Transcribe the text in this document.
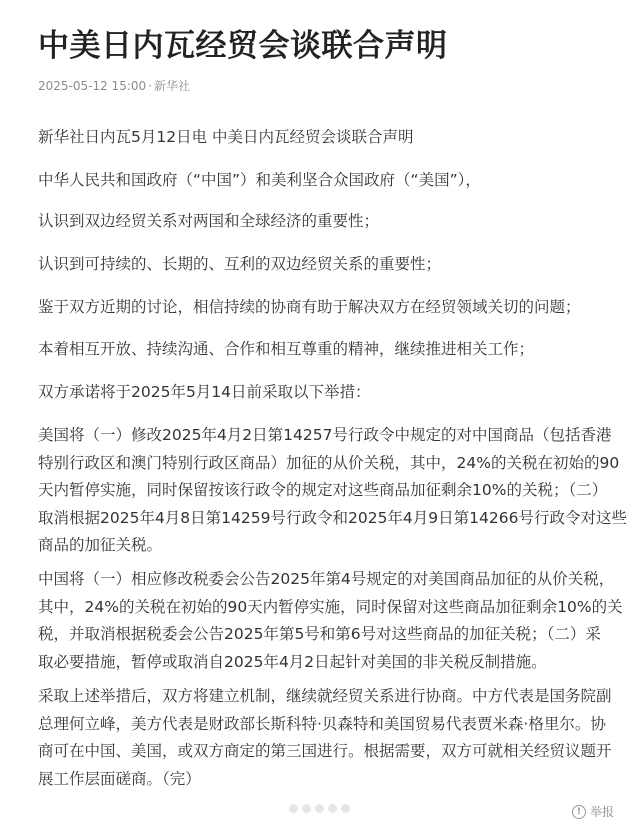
中美日内瓦经贸会谈联合声明
2025-05-12 15:00 · 新华社

新华社日内瓦5月12日电 中美日内瓦经贸会谈联合声明

中华人民共和国政府（“中国”）和美利坚合众国政府（“美国”），

认识到双边经贸关系对两国和全球经济的重要性；

认识到可持续的、长期的、互利的双边经贸关系的重要性；

鉴于双方近期的讨论，相信持续的协商有助于解决双方在经贸领域关切的问题；

本着相互开放、持续沟通、合作和相互尊重的精神，继续推进相关工作；

双方承诺将于2025年5月14日前采取以下举措：

美国将（一）修改2025年4月2日第14257号行政令中规定的对中国商品（包括香港
特别行政区和澳门特别行政区商品）加征的从价关税，其中，24%的关税在初始的90
天内暂停实施，同时保留按该行政令的规定对这些商品加征剩余10%的关税；（二）
取消根据2025年4月8日第14259号行政令和2025年4月9日第14266号行政令对这些
商品的加征关税。

中国将（一）相应修改税委会公告2025年第4号规定的对美国商品加征的从价关税，
其中，24%的关税在初始的90天内暂停实施，同时保留对这些商品加征剩余10%的关
税，并取消根据税委会公告2025年第5号和第6号对这些商品的加征关税；（二）采
取必要措施，暂停或取消自2025年4月2日起针对美国的非关税反制措施。

采取上述举措后，双方将建立机制，继续就经贸关系进行协商。中方代表是国务院副
总理何立峰，美方代表是财政部长斯科特·贝森特和美国贸易代表贾米森·格里尔。协
商可在中国、美国，或双方商定的第三国进行。根据需要，双方可就相关经贸议题开
展工作层面磋商。（完）

! 举报
